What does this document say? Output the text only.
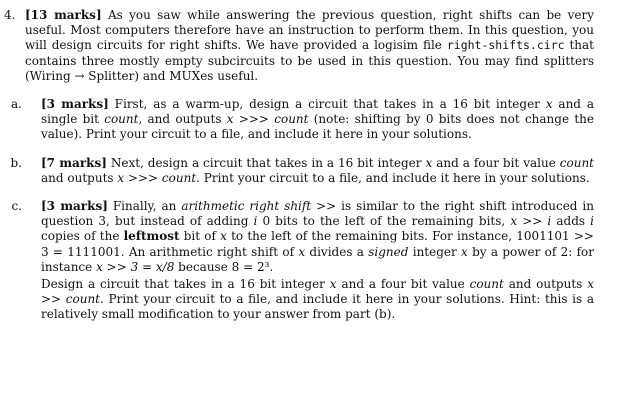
4. [13 marks] As you saw while answering the previous question, right shifts can be very useful. Most computers therefore have an instruction to perform them. In this question, you will design circuits for right shifts. We have provided a logisim file right-shifts.circ that contains three mostly empty subcircuits to be used in this question. You may find splitters (Wiring → Splitter) and MUXes useful.
a. [3 marks] First, as a warm-up, design a circuit that takes in a 16 bit integer x and a single bit count, and outputs x >>> count (note: shifting by 0 bits does not change the value). Print your circuit to a file, and include it here in your solutions.
b. [7 marks] Next, design a circuit that takes in a 16 bit integer x and a four bit value count and outputs x >>> count. Print your circuit to a file, and include it here in your solutions.
c. [3 marks] Finally, an arithmetic right shift >> is similar to the right shift introduced in question 3, but instead of adding i 0 bits to the left of the remaining bits, x >> i adds i copies of the leftmost bit of x to the left of the remaining bits. For instance, 1001101 >> 3 = 1111001. An arithmetic right shift of x divides a signed integer x by a power of 2: for instance x >> 3 = x/8 because 8 = 2³.
Design a circuit that takes in a 16 bit integer x and a four bit value count and outputs x >> count. Print your circuit to a file, and include it here in your solutions. Hint: this is a relatively small modification to your answer from part (b).
